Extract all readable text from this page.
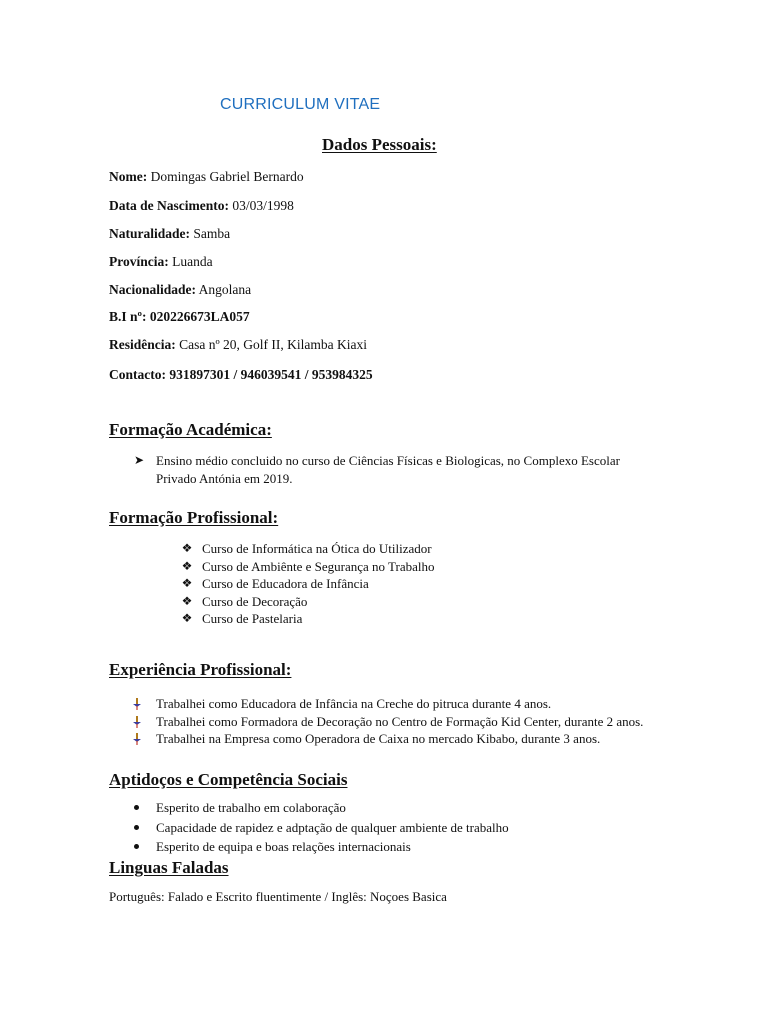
CURRICULUM VITAE
Dados Pessoais:
Nome: Domingas Gabriel Bernardo
Data de Nascimento: 03/03/1998
Naturalidade: Samba
Província: Luanda
Nacionalidade: Angolana
B.I nº: 020226673LA057
Residência: Casa nº 20, Golf II, Kilamba Kiaxi
Contacto: 931897301 / 946039541 / 953984325
Formação Académica:
➤ Ensino médio concluido no curso de Ciências Físicas e Biologicas, no Complexo Escolar Privado Antónia em 2019.
Formação Profissional:
❖ Curso de Informática na Ótica do Utilizador
❖ Curso de Ambiênte e Segurança no Trabalho
❖ Curso de Educadora de Infância
❖ Curso de Decoração
❖ Curso de Pastelaria
Experiência Profissional:
Trabalhei como Educadora de Infância na Creche do pitruca durante 4 anos.
Trabalhei como Formadora de Decoração no Centro de Formação Kid Center, durante 2 anos.
Trabalhei na Empresa como Operadora de Caixa no mercado Kibabo, durante 3 anos.
Aptidoços e Competência Sociais
Esperito de trabalho em colaboração
Capacidade de rapidez e adptação de qualquer ambiente de trabalho
Esperito de equipa e boas relações internacionais
Linguas Faladas
Português: Falado e Escrito fluentimente / Inglês: Noçoes Basica
